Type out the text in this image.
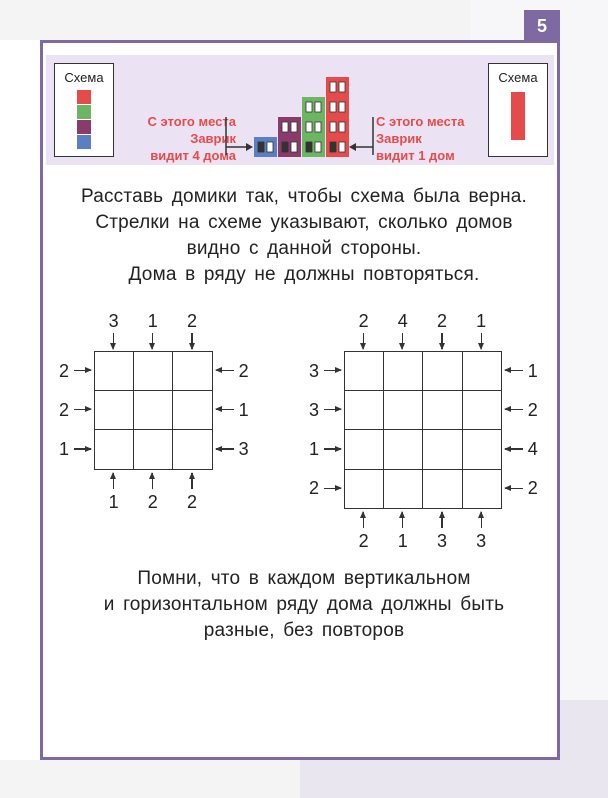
5
Схема
С этого места
Заврик
видит 4 дома
С этого места
Заврик
видит 1 дом
Схема
Расставь домики так, чтобы схема была верна.
Стрелки на схеме указывают, сколько домов
видно с данной стороны.
Дома в ряду не должны повторяться.
3
1
2	2
1
2
2	1
2
2
1	3
2
2
3	1
4
1
3	2
2
3
1	4
1
3
2	2
Помни, что в каждом вертикальном
и горизонтальном ряду дома должны быть
разные, без повторов
